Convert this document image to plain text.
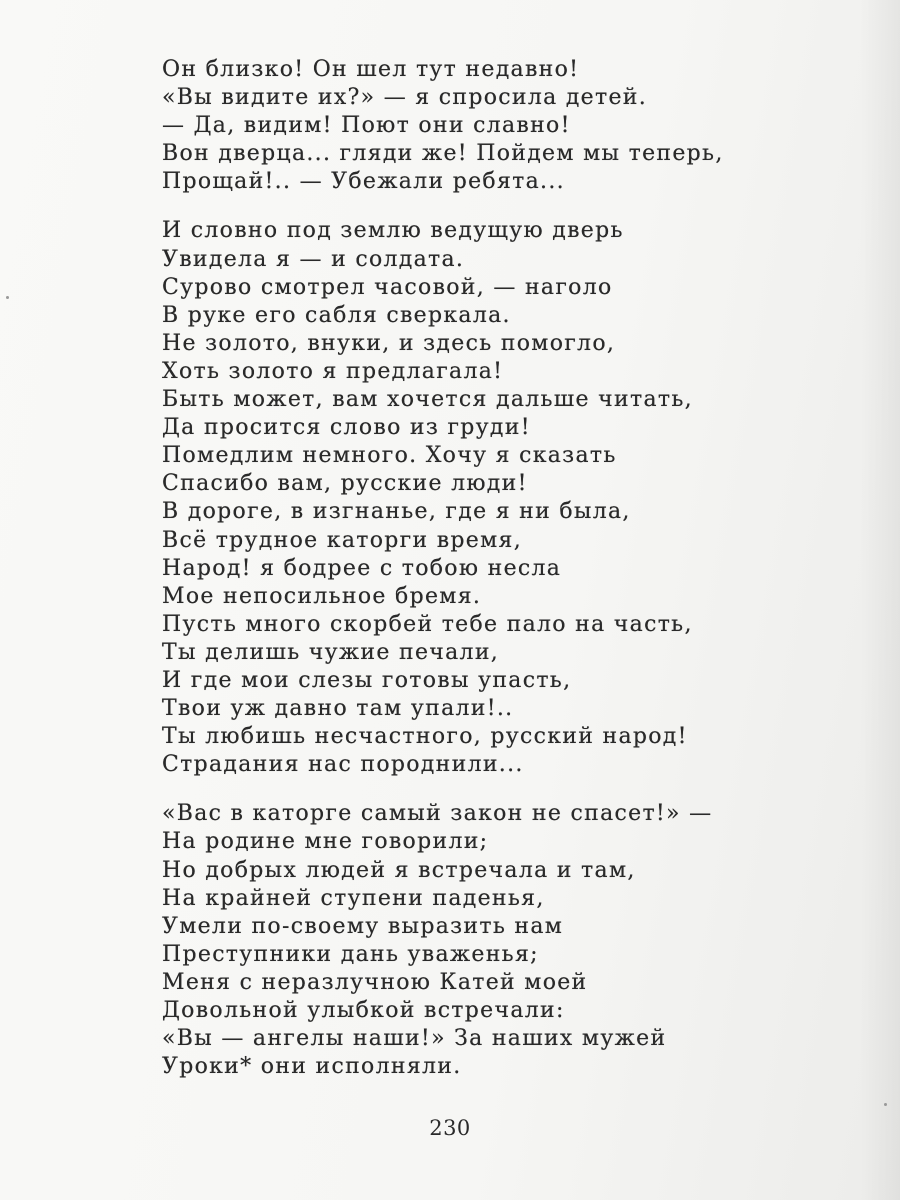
Он близко! Он шел тут недавно!
«Вы видите их?» — я спросила детей.
— Да, видим! Поют они славно!
Вон дверца... гляди же! Пойдем мы теперь,
Прощай!.. — Убежали ребята...
И словно под землю ведущую дверь
Увидела я — и солдата.
Сурово смотрел часовой, — наголо
В руке его сабля сверкала.
Не золото, внуки, и здесь помогло,
Хоть золото я предлагала!
Быть может, вам хочется дальше читать,
Да просится слово из груди!
Помедлим немного. Хочу я сказать
Спасибо вам, русские люди!
В дороге, в изгнанье, где я ни была,
Всё трудное каторги время,
Народ! я бодрее с тобою несла
Мое непосильное бремя.
Пусть много скорбей тебе пало на часть,
Ты делишь чужие печали,
И где мои слезы готовы упасть,
Твои уж давно там упали!..
Ты любишь несчастного, русский народ!
Страдания нас породнили...
«Вас в каторге самый закон не спасет!» —
На родине мне говорили;
Но добрых людей я встречала и там,
На крайней ступени паденья,
Умели по-своему выразить нам
Преступники дань уваженья;
Меня с неразлучною Катей моей
Довольной улыбкой встречали:
«Вы — ангелы наши!» За наших мужей
Уроки* они исполняли.
230
